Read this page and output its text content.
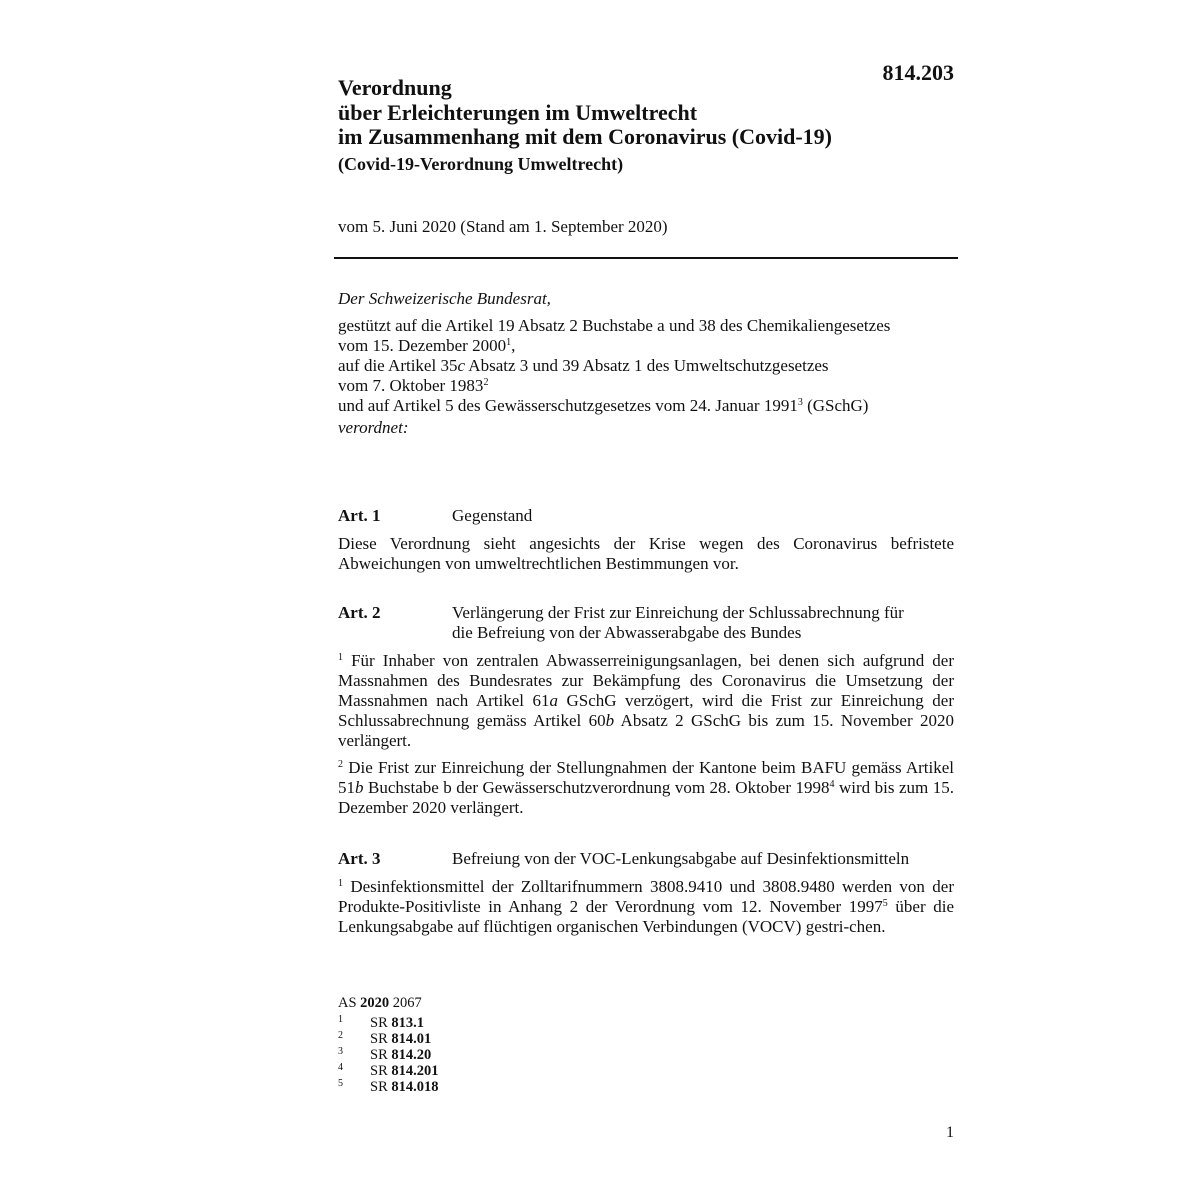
814.203
Verordnung
über Erleichterungen im Umweltrecht
im Zusammenhang mit dem Coronavirus (Covid-19)
(Covid-19-Verordnung Umweltrecht)
vom 5. Juni 2020 (Stand am 1. September 2020)
Der Schweizerische Bundesrat,
gestützt auf die Artikel 19 Absatz 2 Buchstabe a und 38 des Chemikaliengesetzes
vom 15. Dezember 2000$^1$,
auf die Artikel 35c Absatz 3 und 39 Absatz 1 des Umweltschutzgesetzes
vom 7. Oktober 1983$^2$
und auf Artikel 5 des Gewässerschutzgesetzes vom 24. Januar 1991$^3$ (GSchG)
verordnet:
Art. 1	Gegenstand

Diese Verordnung sieht angesichts der Krise wegen des Coronavirus befristete Abweichungen von umweltrechtlichen Bestimmungen vor.

Art. 2	Verlängerung der Frist zur Einreichung der Schlussabrechnung für
die Befreiung von der Abwasserabgabe des Bundes

$^1$ Für Inhaber von zentralen Abwasserreinigungsanlagen, bei denen sich aufgrund der Massnahmen des Bundesrates zur Bekämpfung des Coronavirus die Umsetzung der Massnahmen nach Artikel 61a GSchG verzögert, wird die Frist zur Einreichung der Schlussabrechnung gemäss Artikel 60b Absatz 2 GSchG bis zum 15. November 2020 verlängert.

$^2$ Die Frist zur Einreichung der Stellungnahmen der Kantone beim BAFU gemäss Artikel 51b Buchstabe b der Gewässerschutzverordnung vom 28. Oktober 1998$^4$ wird bis zum 15. Dezember 2020 verlängert.

Art. 3	Befreiung von der VOC-Lenkungsabgabe auf Desinfektionsmitteln

$^1$ Desinfektionsmittel der Zolltarifnummern 3808.9410 und 3808.9480 werden von der Produkte-Positivliste in Anhang 2 der Verordnung vom 12. November 1997$^5$ über die Lenkungsabgabe auf flüchtigen organischen Verbindungen (VOCV) gestri-chen.

AS 2020 2067
1 SR 813.1
2 SR 814.01
3 SR 814.20
4 SR 814.201
5 SR 814.018
1
